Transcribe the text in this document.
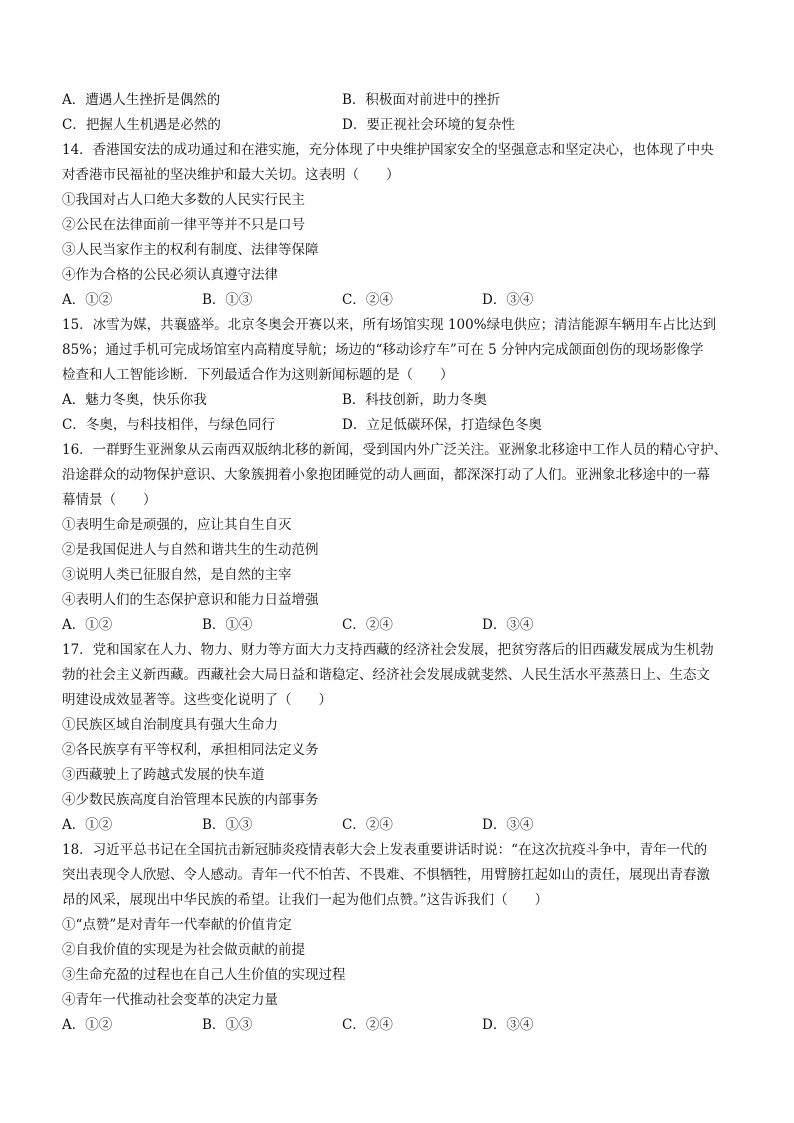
A．遭遇人生挫折是偶然的	B．积极面对前进中的挫折
C．把握人生机遇是必然的	D．要正视社会环境的复杂性
14．香港国安法的成功通过和在港实施，充分体现了中央维护国家安全的坚强意志和坚定决心，也体现了中央
对香港市民福祉的坚决维护和最大关切。这表明（　　）
①我国对占人口绝大多数的人民实行民主
②公民在法律面前一律平等并不只是口号
③人民当家作主的权利有制度、法律等保障
④作为合格的公民必须认真遵守法律
A．①②	B．①③	C．②④	D．③④
15．冰雪为媒，共襄盛举。北京冬奥会开赛以来，所有场馆实现 100%绿电供应；清洁能源车辆用车占比达到
85%；通过手机可完成场馆室内高精度导航；场边的“移动诊疗车”可在 5 分钟内完成颌面创伤的现场影像学
检查和人工智能诊断．下列最适合作为这则新闻标题的是（　　）
A．魅力冬奥，快乐你我	B．科技创新，助力冬奥
C．冬奥，与科技相伴，与绿色同行	D．立足低碳环保，打造绿色冬奥
16．一群野生亚洲象从云南西双版纳北移的新闻，受到国内外广泛关注。亚洲象北移途中工作人员的精心守护、
沿途群众的动物保护意识、大象簇拥着小象抱团睡觉的动人画面，都深深打动了人们。亚洲象北移途中的一幕
幕情景（　　）
①表明生命是顽强的，应让其自生自灭
②是我国促进人与自然和谐共生的生动范例
③说明人类已征服自然，是自然的主宰
④表明人们的生态保护意识和能力日益增强
A．①②	B．①④	C．②④	D．③④
17．党和国家在人力、物力、财力等方面大力支持西藏的经济社会发展，把贫穷落后的旧西藏发展成为生机勃
勃的社会主义新西藏。西藏社会大局日益和谐稳定、经济社会发展成就斐然、人民生活水平蒸蒸日上、生态文
明建设成效显著等。这些变化说明了（　　）
①民族区域自治制度具有强大生命力
②各民族享有平等权利，承担相同法定义务
③西藏驶上了跨越式发展的快车道
④少数民族高度自治管理本民族的内部事务
A．①②	B．①③	C．②④	D．③④
18．习近平总书记在全国抗击新冠肺炎疫情表彰大会上发表重要讲话时说：“在这次抗疫斗争中，青年一代的
突出表现令人欣慰、令人感动。青年一代不怕苦、不畏难、不惧牺牲，用臂膀扛起如山的责任，展现出青春激
昂的风采，展现出中华民族的希望。让我们一起为他们点赞。”这告诉我们（　　）
①“点赞”是对青年一代奉献的价值肯定
②自我价值的实现是为社会做贡献的前提
③生命充盈的过程也在自己人生价值的实现过程
④青年一代推动社会变革的决定力量
A．①②	B．①③	C．②④	D．③④
